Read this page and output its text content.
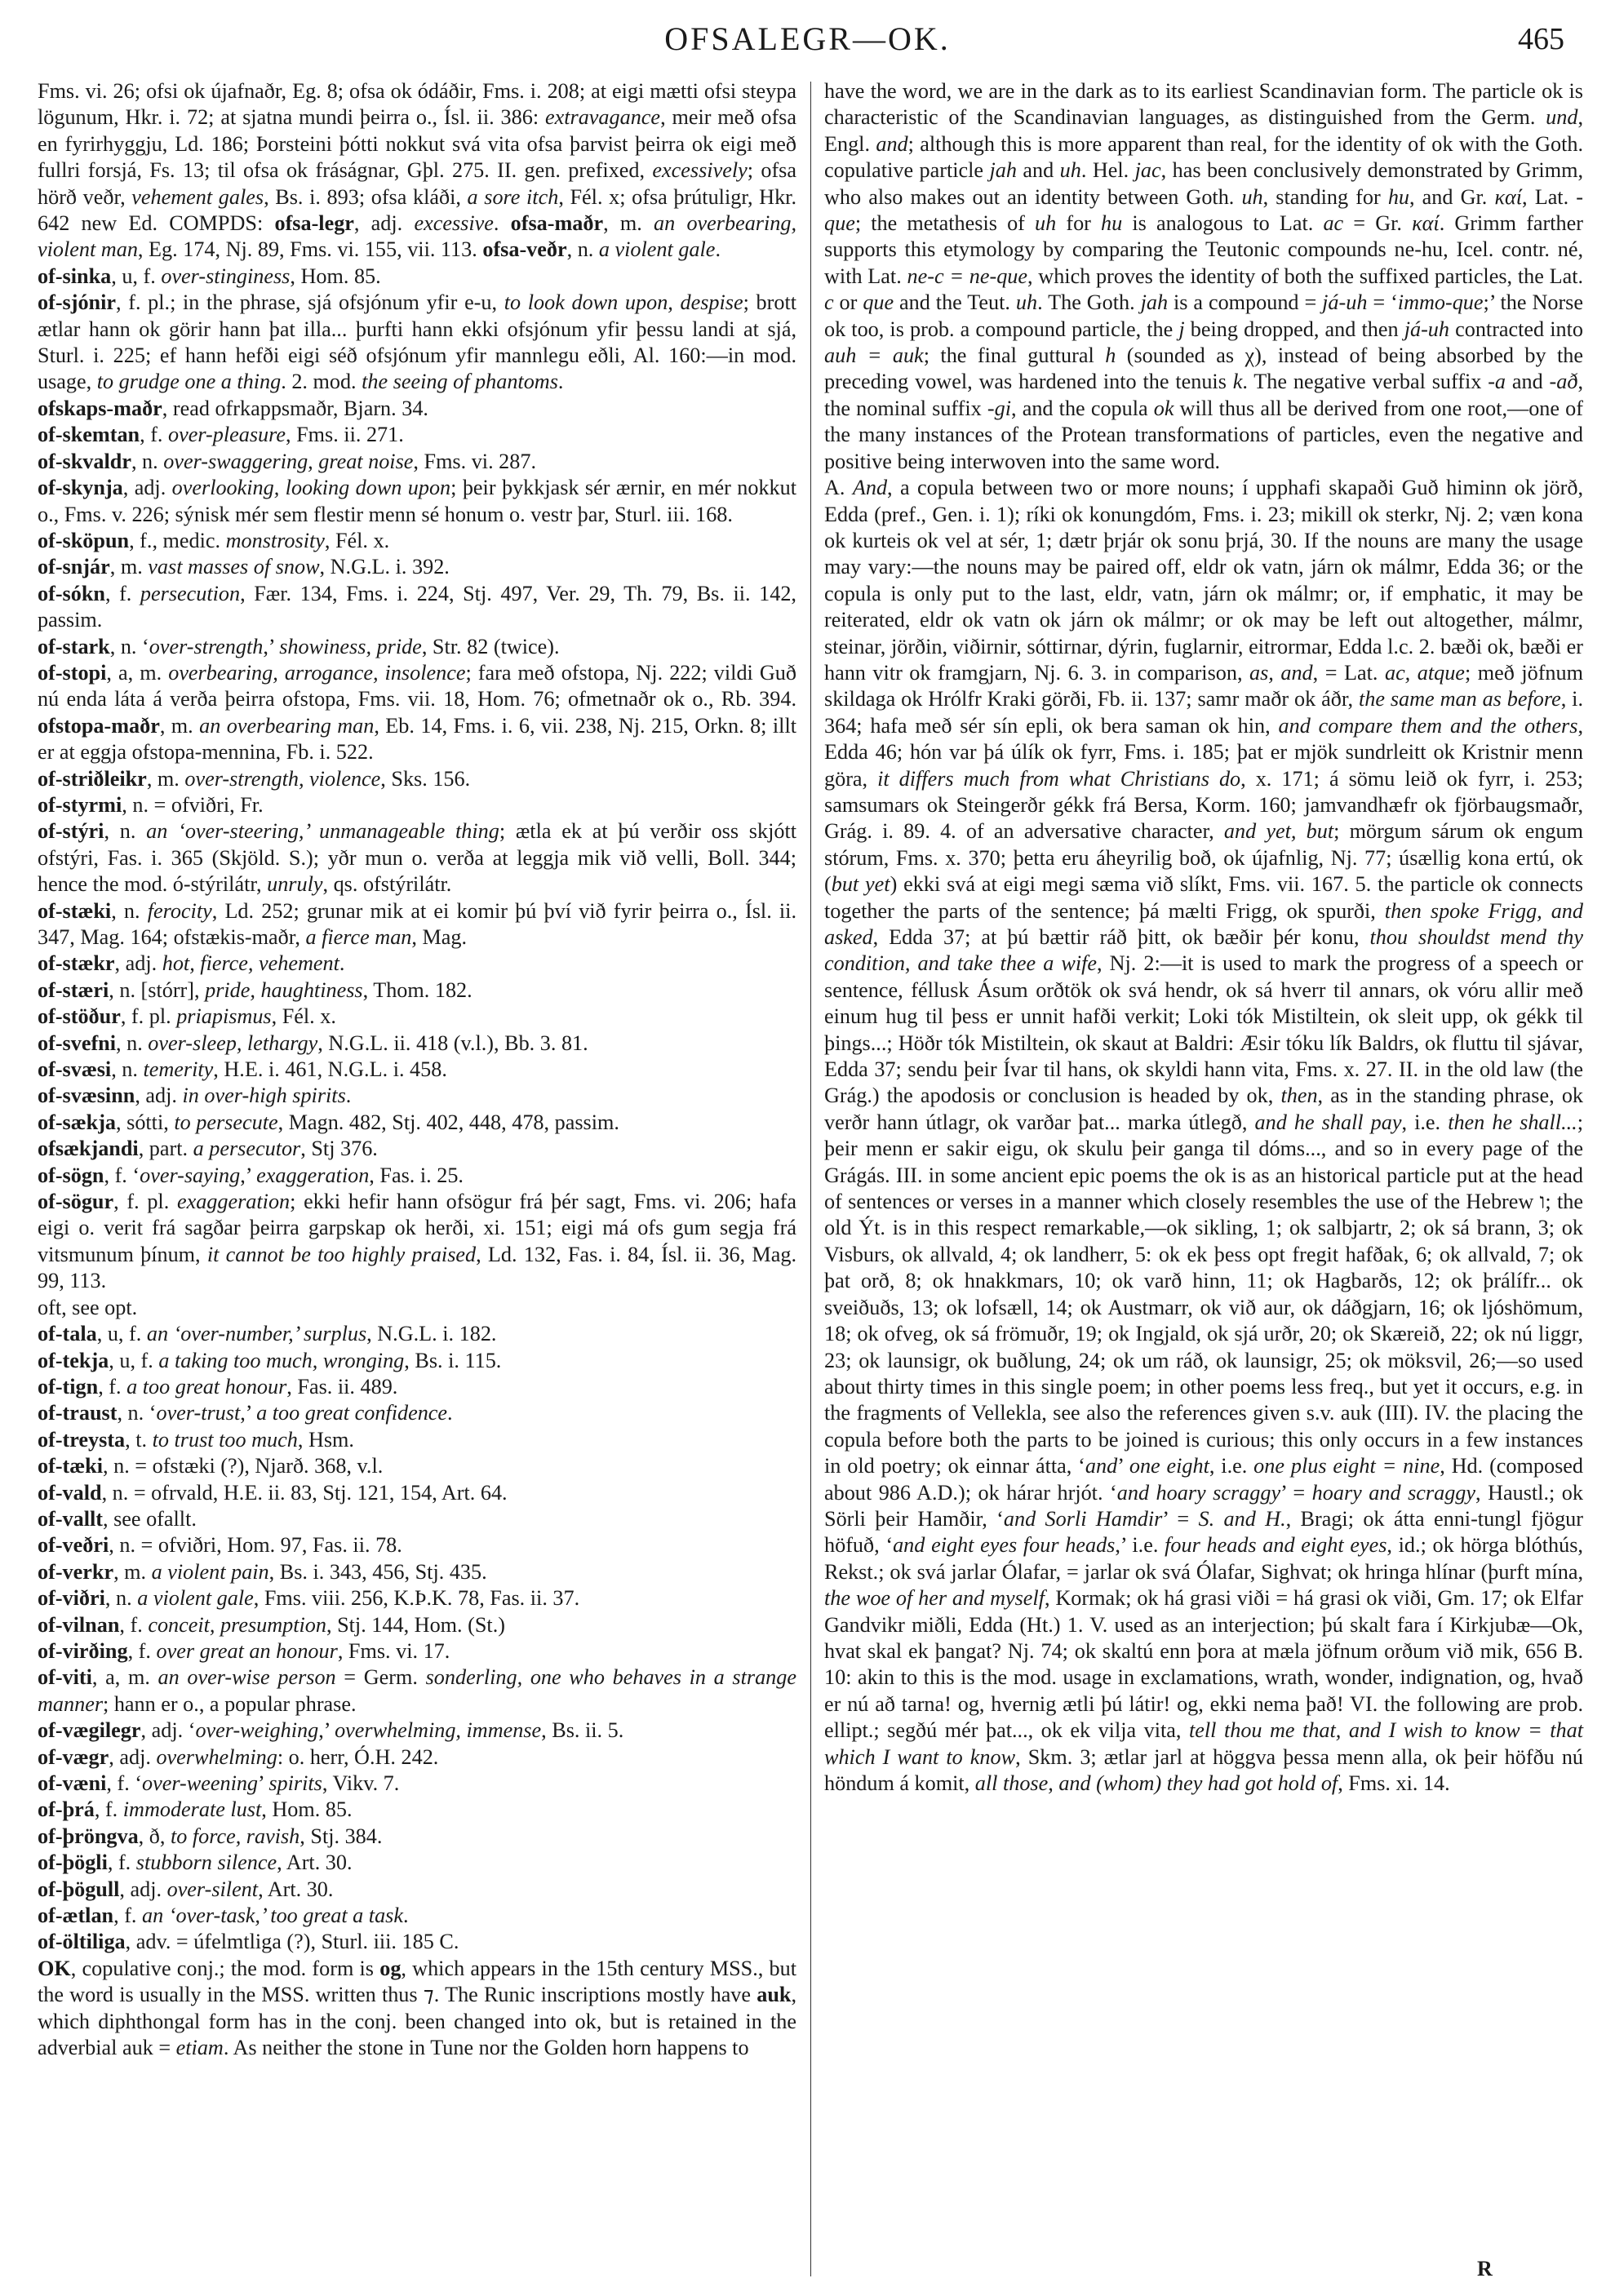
OFSALEGR—OK.	465

Fms. vi. 26; ofsi ok újafnaðr, Eg. 8; ofsa ok ódáðir, Fms. i. 208; at eigi mætti ofsi steypa lögunum, Hkr. i. 72; at sjatna mundi þeirra o., Ísl. ii. 386: extravagance, meir með ofsa en fyrirhyggju, Ld. 186; Þorsteini þótti nokkut svá vita ofsa þarvist þeirra ok eigi með fullri forsjá, Fs. 13; til ofsa ok fráságnar, Gþl. 275. II. gen. prefixed, excessively; ofsa hörð veðr, vehement gales, Bs. i. 893; ofsa kláði, a sore itch, Fél. x; ofsa þrútuligr, Hkr. 642 new Ed. COMPDS: ofsa-legr, adj. excessive. ofsa-maðr, m. an overbearing, violent man, Eg. 174, Nj. 89, Fms. vi. 155, vii. 113. ofsa-veðr, n. a violent gale.

of-sinka, u, f. over-stinginess, Hom. 85.

of-sjónir, f. pl.; in the phrase, sjá ofsjónum yfir e-u, to look down upon, despise; brott ætlar hann ok görir hann þat illa... þurfti hann ekki ofsjónum yfir þessu landi at sjá, Sturl. i. 225; ef hann hefði eigi séð ofsjónum yfir mannlegu eðli, Al. 160:—in mod. usage, to grudge one a thing. 2. mod. the seeing of phantoms.

ofskaps-maðr, read ofrkappsmaðr, Bjarn. 34.

of-skemtan, f. over-pleasure, Fms. ii. 271.

of-skvaldr, n. over-swaggering, great noise, Fms. vi. 287.

of-skynja, adj. overlooking, looking down upon; þeir þykkjask sér ærnir, en mér nokkut o., Fms. v. 226; sýnisk mér sem flestir menn sé honum o. vestr þar, Sturl. iii. 168.

of-sköpun, f., medic. monstrosity, Fél. x.

of-snjár, m. vast masses of snow, N.G.L. i. 392.

of-sókn, f. persecution, Fær. 134, Fms. i. 224, Stj. 497, Ver. 29, Th. 79, Bs. ii. 142, passim.

of-stark, n. ‘over-strength,’ showiness, pride, Str. 82 (twice).

of-stopi, a, m. overbearing, arrogance, insolence; fara með ofstopa, Nj. 222; vildi Guð nú enda láta á verða þeirra ofstopa, Fms. vii. 18, Hom. 76; ofmetnaðr ok o., Rb. 394. ofstopa-maðr, m. an overbearing man, Eb. 14, Fms. i. 6, vii. 238, Nj. 215, Orkn. 8; illt er at eggja ofstopa-mennina, Fb. i. 522.

of-striðleikr, m. over-strength, violence, Sks. 156.

of-styrmi, n. = ofviðri, Fr.

of-stýri, n. an ‘over-steering,’ unmanageable thing; ætla ek at þú verðir oss skjótt ofstýri, Fas. i. 365 (Skjöld. S.); yðr mun o. verða at leggja mik við velli, Boll. 344; hence the mod. ó-stýrilátr, unruly, qs. ofstýrilátr.

of-stæki, n. ferocity, Ld. 252; grunar mik at ei komir þú því við fyrir þeirra o., Ísl. ii. 347, Mag. 164; ofstækis-maðr, a fierce man, Mag.

of-stækr, adj. hot, fierce, vehement.

of-stæri, n. [stórr], pride, haughtiness, Thom. 182.

of-stöður, f. pl. priapismus, Fél. x.

of-svefni, n. over-sleep, lethargy, N.G.L. ii. 418 (v.l.), Bb. 3. 81.

of-svæsi, n. temerity, H.E. i. 461, N.G.L. i. 458.

of-svæsinn, adj. in over-high spirits.

of-sækja, sótti, to persecute, Magn. 482, Stj. 402, 448, 478, passim.

ofsækjandi, part. a persecutor, Stj 376.

of-sögn, f. ‘over-saying,’ exaggeration, Fas. i. 25.

of-sögur, f. pl. exaggeration; ekki hefir hann ofsögur frá þér sagt, Fms. vi. 206; hafa eigi o. verit frá sagðar þeirra garpskap ok herði, xi. 151; eigi má ofs gum segja frá vitsmunum þínum, it cannot be too highly praised, Ld. 132, Fas. i. 84, Ísl. ii. 36, Mag. 99, 113.

oft, see opt.

of-tala, u, f. an ‘over-number,’ surplus, N.G.L. i. 182.

of-tekja, u, f. a taking too much, wronging, Bs. i. 115.

of-tign, f. a too great honour, Fas. ii. 489.

of-traust, n. ‘over-trust,’ a too great confidence.

of-treysta, t. to trust too much, Hsm.

of-tæki, n. = ofstæki (?), Njarð. 368, v.l.

of-vald, n. = ofrvald, H.E. ii. 83, Stj. 121, 154, Art. 64.

of-vallt, see ofallt.

of-veðri, n. = ofviðri, Hom. 97, Fas. ii. 78.

of-verkr, m. a violent pain, Bs. i. 343, 456, Stj. 435.

of-viðri, n. a violent gale, Fms. viii. 256, K.Þ.K. 78, Fas. ii. 37.

of-vilnan, f. conceit, presumption, Stj. 144, Hom. (St.)

of-virðing, f. over great an honour, Fms. vi. 17.

of-viti, a, m. an over-wise person = Germ. sonderling, one who behaves in a strange manner; hann er o., a popular phrase.

of-vægilegr, adj. ‘over-weighing,’ overwhelming, immense, Bs. ii. 5.

of-vægr, adj. overwhelming: o. herr, Ó.H. 242.

of-væni, f. ‘over-weening’ spirits, Vikv. 7.

of-þrá, f. immoderate lust, Hom. 85.

of-þröngva, ð, to force, ravish, Stj. 384.

of-þögli, f. stubborn silence, Art. 30.

of-þögull, adj. over-silent, Art. 30.

of-ætlan, f. an ‘over-task,’ too great a task.

of-öltiliga, adv. = úfelmtliga (?), Sturl. iii. 185 C.

OK, copulative conj.; the mod. form is og, which appears in the 15th century MSS., but the word is usually in the MSS. written thus ⁊. The Runic inscriptions mostly have auk, which diphthongal form has in the conj. been changed into ok, but is retained in the adverbial auk = etiam. As neither the stone in Tune nor the Golden horn happens to

have the word, we are in the dark as to its earliest Scandinavian form. The particle ok is characteristic of the Scandinavian languages, as distinguished from the Germ. und, Engl. and; although this is more apparent than real, for the identity of ok with the Goth. copulative particle jah and uh. Hel. jac, has been conclusively demonstrated by Grimm, who also makes out an identity between Goth. uh, standing for hu, and Gr. καί, Lat. -que; the metathesis of uh for hu is analogous to Lat. ac = Gr. καί. Grimm farther supports this etymology by comparing the Teutonic compounds ne-hu, Icel. contr. né, with Lat. ne-c = ne-que, which proves the identity of both the suffixed particles, the Lat. c or que and the Teut. uh. The Goth. jah is a compound = já-uh = ‘immo-que;’ the Norse ok too, is prob. a compound particle, the j being dropped, and then já-uh contracted into auh = auk; the final guttural h (sounded as χ), instead of being absorbed by the preceding vowel, was hardened into the tenuis k. The negative verbal suffix -a and -að, the nominal suffix -gi, and the copula ok will thus all be derived from one root,—one of the many instances of the Protean transformations of particles, even the negative and positive being interwoven into the same word.

A. And, a copula between two or more nouns; í upphafi skapaði Guð himinn ok jörð, Edda (pref., Gen. i. 1); ríki ok konungdóm, Fms. i. 23; mikill ok sterkr, Nj. 2; væn kona ok kurteis ok vel at sér, 1; dætr þrjár ok sonu þrjá, 30. If the nouns are many the usage may vary:—the nouns may be paired off, eldr ok vatn, járn ok málmr, Edda 36; or the copula is only put to the last, eldr, vatn, járn ok málmr; or, if emphatic, it may be reiterated, eldr ok vatn ok járn ok málmr; or ok may be left out altogether, málmr, steinar, jörðin, viðirnir, sóttirnar, dýrin, fuglarnir, eitrormar, Edda l.c. 2. bæði ok, bæði er hann vitr ok framgjarn, Nj. 6. 3. in comparison, as, and, = Lat. ac, atque; með jöfnum skildaga ok Hrólfr Kraki görði, Fb. ii. 137; samr maðr ok áðr, the same man as before, i. 364; hafa með sér sín epli, ok bera saman ok hin, and compare them and the others, Edda 46; hón var þá úlík ok fyrr, Fms. i. 185; þat er mjök sundrleitt ok Kristnir menn göra, it differs much from what Christians do, x. 171; á sömu leið ok fyrr, i. 253; samsumars ok Steingerðr gékk frá Bersa, Korm. 160; jamvandhæfr ok fjörbaugsmaðr, Grág. i. 89. 4. of an adversative character, and yet, but; mörgum sárum ok engum stórum, Fms. x. 370; þetta eru áheyrilig boð, ok újafnlig, Nj. 77; úsællig kona ertú, ok (but yet) ekki svá at eigi megi sæma við slíkt, Fms. vii. 167. 5. the particle ok connects together the parts of the sentence; þá mælti Frigg, ok spurði, then spoke Frigg, and asked, Edda 37; at þú bættir ráð þitt, ok bæðir þér konu, thou shouldst mend thy condition, and take thee a wife, Nj. 2:—it is used to mark the progress of a speech or sentence, féllusk Ásum orðtök ok svá hendr, ok sá hverr til annars, ok vóru allir með einum hug til þess er unnit hafði verkit; Loki tók Mistiltein, ok sleit upp, ok gékk til þings...; Höðr tók Mistiltein, ok skaut at Baldri: Æsir tóku lík Baldrs, ok fluttu til sjávar, Edda 37; sendu þeir Ívar til hans, ok skyldi hann vita, Fms. x. 27. II. in the old law (the Grág.) the apodosis or conclusion is headed by ok, then, as in the standing phrase, ok verðr hann útlagr, ok varðar þat... marka útlegð, and he shall pay, i.e. then he shall...; þeir menn er sakir eigu, ok skulu þeir ganga til dóms..., and so in every page of the Grágás. III. in some ancient epic poems the ok is as an historical particle put at the head of sentences or verses in a manner which closely resembles the use of the Hebrew ו; the old Ýt. is in this respect remarkable,—ok sikling, 1; ok salbjartr, 2; ok sá brann, 3; ok Visburs, ok allvald, 4; ok landherr, 5: ok ek þess opt fregit hafðak, 6; ok allvald, 7; ok þat orð, 8; ok hnakkmars, 10; ok varð hinn, 11; ok Hagbarðs, 12; ok þrálífr... ok sveiðuðs, 13; ok lofsæll, 14; ok Austmarr, ok við aur, ok dáðgjarn, 16; ok ljóshömum, 18; ok ofveg, ok sá frömuðr, 19; ok Ingjald, ok sjá urðr, 20; ok Skæreið, 22; ok nú liggr, 23; ok launsigr, ok buðlung, 24; ok um ráð, ok launsigr, 25; ok möksvil, 26;—so used about thirty times in this single poem; in other poems less freq., but yet it occurs, e.g. in the fragments of Vellekla, see also the references given s.v. auk (III). IV. the placing the copula before both the parts to be joined is curious; this only occurs in a few instances in old poetry; ok einnar átta, ‘and’ one eight, i.e. one plus eight = nine, Hd. (composed about 986 A.D.); ok hárar hrjót. ‘and hoary scraggy’ = hoary and scraggy, Haustl.; ok Sörli þeir Hamðir, ‘and Sorli Hamdir’ = S. and H., Bragi; ok átta enni-tungl fjögur höfuð, ‘and eight eyes four heads,’ i.e. four heads and eight eyes, id.; ok hörga blóthús, Rekst.; ok svá jarlar Ólafar, = jarlar ok svá Ólafar, Sighvat; ok hringa hlínar (þurft mína, the woe of her and myself, Kormak; ok há grasi viði = há grasi ok viði, Gm. 17; ok Elfar Gandvikr miðli, Edda (Ht.) 1. V. used as an interjection; þú skalt fara í Kirkjubæ—Ok, hvat skal ek þangat? Nj. 74; ok skaltú enn þora at mæla jöfnum orðum við mik, 656 B. 10: akin to this is the mod. usage in exclamations, wrath, wonder, indignation, og, hvað er nú að tarna! og, hvernig ætli þú látir! og, ekki nema það! VI. the following are prob. ellipt.; segðú mér þat..., ok ek vilja vita, tell thou me that, and I wish to know = that which I want to know, Skm. 3; ætlar jarl at höggva þessa menn alla, ok þeir höfðu nú höndum á komit, all those, and (whom) they had got hold of, Fms. xi. 14.

R
